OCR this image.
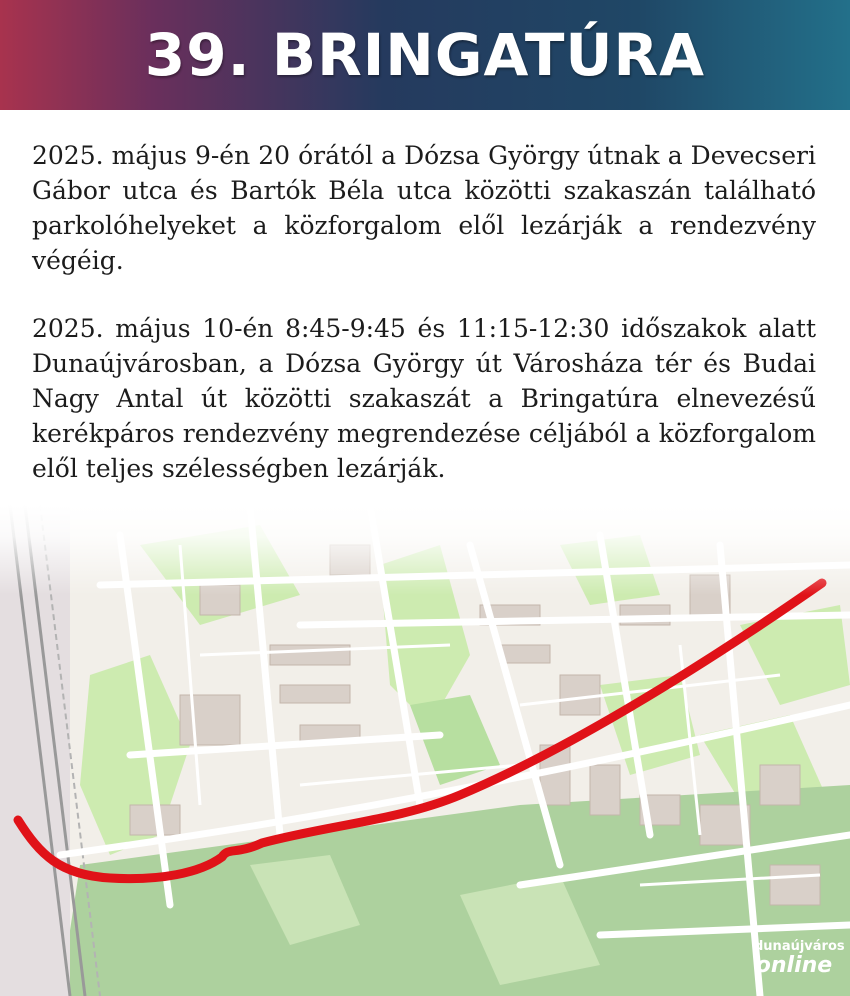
39. BRINGATÚRA

2025. május 9-én 20 órától a Dózsa György útnak a Devecseri Gábor utca és Bartók Béla utca közötti szakaszán található parkolóhelyeket a közforgalom elől lezárják a rendezvény végéig.

2025. május 10-én 8:45-9:45 és 11:15-12:30 időszakok alatt Dunaújvárosban, a Dózsa György út Városháza tér és Budai Nagy Antal út közötti szakaszát a Bringatúra elnevezésű kerékpáros rendezvény megrendezése céljából a közforgalom elől teljes szélességben lezárják.

dunaújváros
online
